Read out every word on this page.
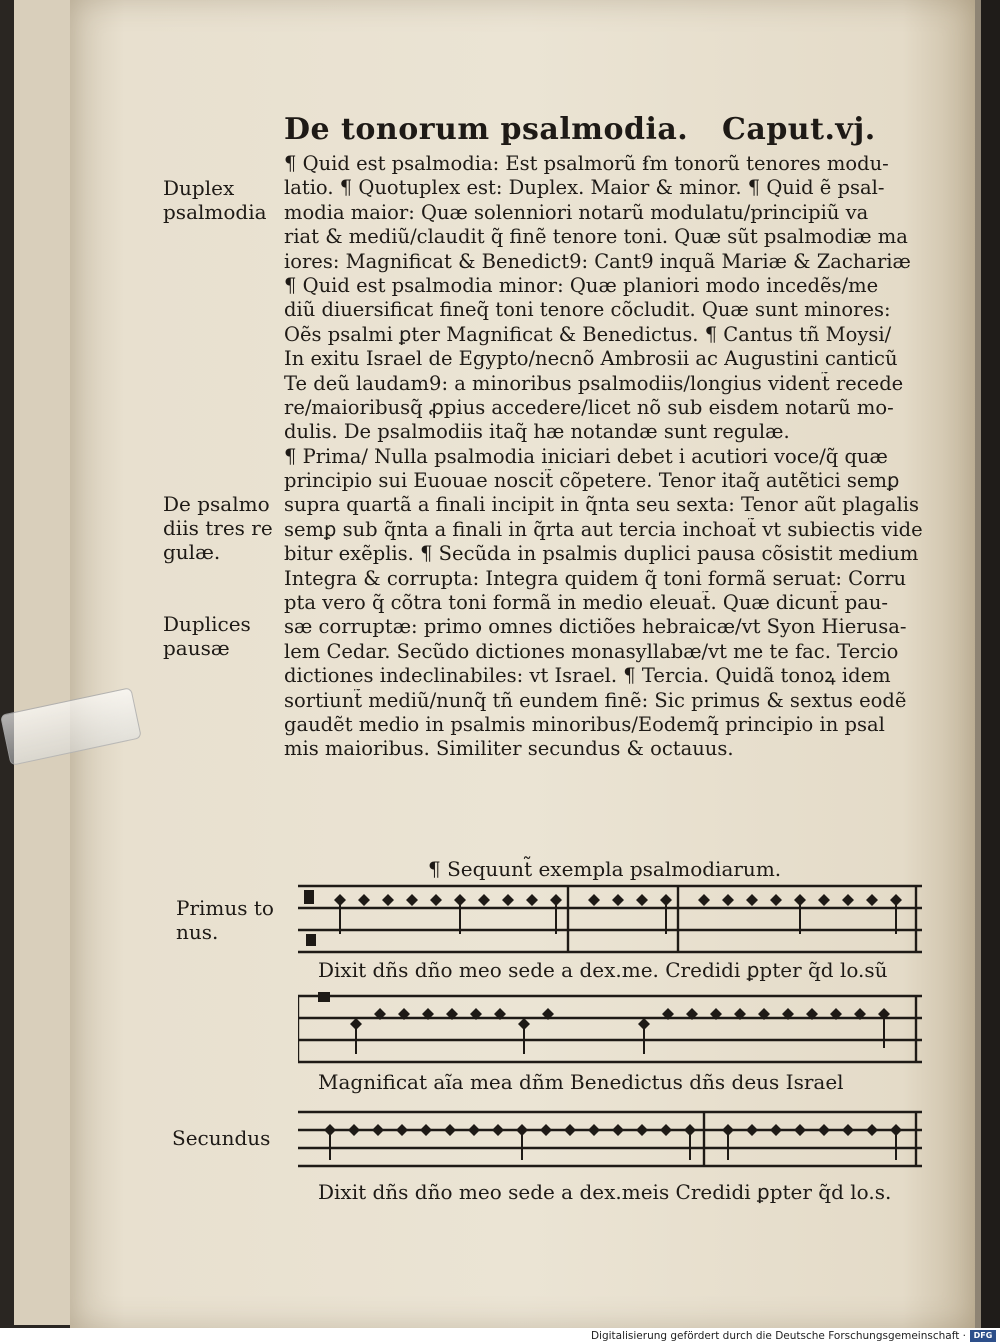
De tonorum psalmodia. Caput.vj.
¶ Quid est psalmodia: Est psalmorũ ẜm tonorũ tenores modu-
latio. ¶ Quotuplex est: Duplex. Maior & minor. ¶ Quid ẽ psal-
modia maior: Quæ solenniori notarũ modulatu/principiũ va
riat & mediũ/claudit q̃ finẽ tenore toni. Quæ sũt psalmodiæ ma
iores: Magnificat & Benedict9: Cant9 inquã Mariæ & Zachariæ
¶ Quid est psalmodia minor: Quæ planiori modo incedẽs/me
diũ diuersificat fineq̃ toni tenore cõcludit. Quæ sunt minores:
Oẽs psalmi ꝑter Magnificat & Benedictus. ¶ Cantus tñ Moysi/
In exitu Israel de Egypto/necnõ Ambrosii ac Augustini canticũ
Te deũ laudam9: a minoribus psalmodiis/longius vident̃ recede
re/maioribusq̃ ꝓpius accedere/licet nõ sub eisdem notarũ mo-
dulis. De psalmodiis itaq̃ hæ notandæ sunt regulæ.
¶ Prima/ Nulla psalmodia iniciari debet i acutiori voce/q̃ quæ
principio sui Euouae noscit̃ cõpetere. Tenor itaq̃ autẽtici semꝑ
supra quartã a finali incipit in q̃nta seu sexta: Tenor aũt plagalis
semꝑ sub q̃nta a finali in q̃rta aut tercia inchoat̃ vt subiectis vide
bitur exẽplis. ¶ Secũda in psalmis duplici pausa cõsistit medium
Integra & corrupta: Integra quidem q̃ toni formã seruat: Corru
pta vero q̃ cõtra toni formã in medio eleuat̃. Quæ dicunt̃ pau-
sæ corruptæ: primo omnes dictiões hebraicæ/vt Syon Hierusa-
lem Cedar. Secũdo dictiones monasyllabæ/vt me te fac. Tercio
dictiones indeclinabiles: vt Israel. ¶ Tercia. Quidã tonoꝝ idem
sortiunt̃ mediũ/nunq̃ tñ eundem finẽ: Sic primus & sextus eodẽ
gaudẽt medio in psalmis minoribus/Eodemq̃ principio in psal
mis maioribus. Similiter secundus & octauus.
Duplex
psalmodia
De psalmo
diis tres re
gulæ.
Duplices
pausæ
Primus to
nus.
Secundus
¶ Sequunt̃ exempla psalmodiarum.
Dixit dñs dño meo sede a dex.me. Credidi ꝑpter q̃d lo.sũ
Magnificat aĩa mea dñm Benedictus dñs deus Israel
Dixit dñs dño meo sede a dex.meis Credidi ꝑpter q̃d lo.s.
Digitalisierung gefördert durch die Deutsche Forschungsgemeinschaft · DFG
